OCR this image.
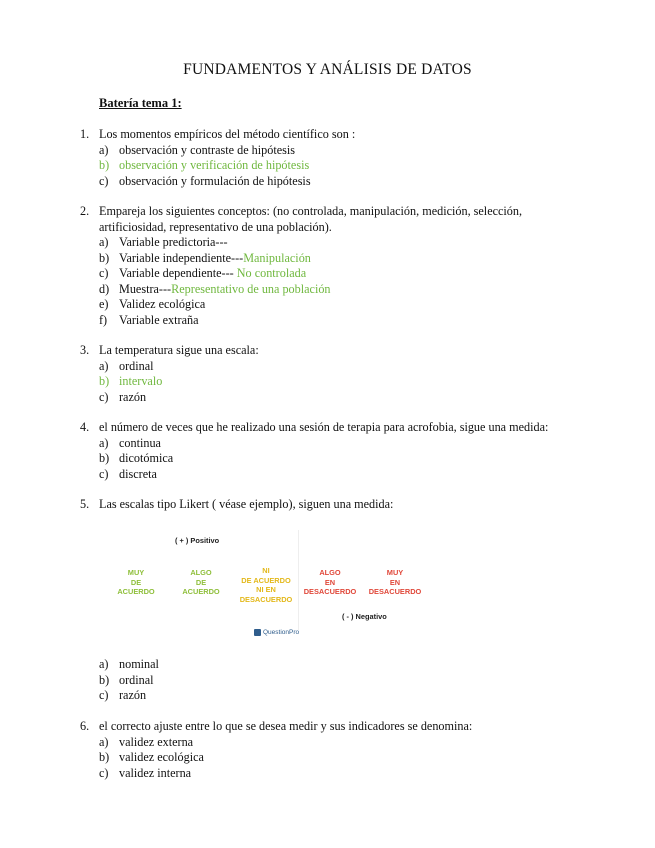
FUNDAMENTOS Y ANÁLISIS DE DATOS
Batería tema 1:
1. Los momentos empíricos del método científico son :
a) observación y contraste de hipótesis
b) observación y verificación de hipótesis
c) observación y formulación de hipótesis
2. Empareja los siguientes conceptos: (no controlada, manipulación, medición, selección,
artificiosidad, representativo de una población).
a) Variable predictoria---
b) Variable independiente--- Manipulación
c) Variable dependiente--- No controlada
d) Muestra--- Representativo de una población
e) Validez ecológica
f) Variable extraña
3. La temperatura sigue una escala:
a) ordinal
b) intervalo
c) razón
4. el número de veces que he realizado una sesión de terapia para acrofobia, sigue una medida:
a) continua
b) dicotómica
c) discreta
5. Las escalas tipo Likert ( véase ejemplo), siguen una medida:
( + ) Positivo
MUY
DE
ACUERDO
ALGO
DE
ACUERDO
NI
DE ACUERDO
NI EN
DESACUERDO
ALGO
EN
DESACUERDO
MUY
EN
DESACUERDO
( - ) Negativo
QuestionPro
a) nominal
b) ordinal
c) razón
6. el correcto ajuste entre lo que se desea medir y sus indicadores se denomina:
a) validez externa
b) validez ecológica
c) validez interna
